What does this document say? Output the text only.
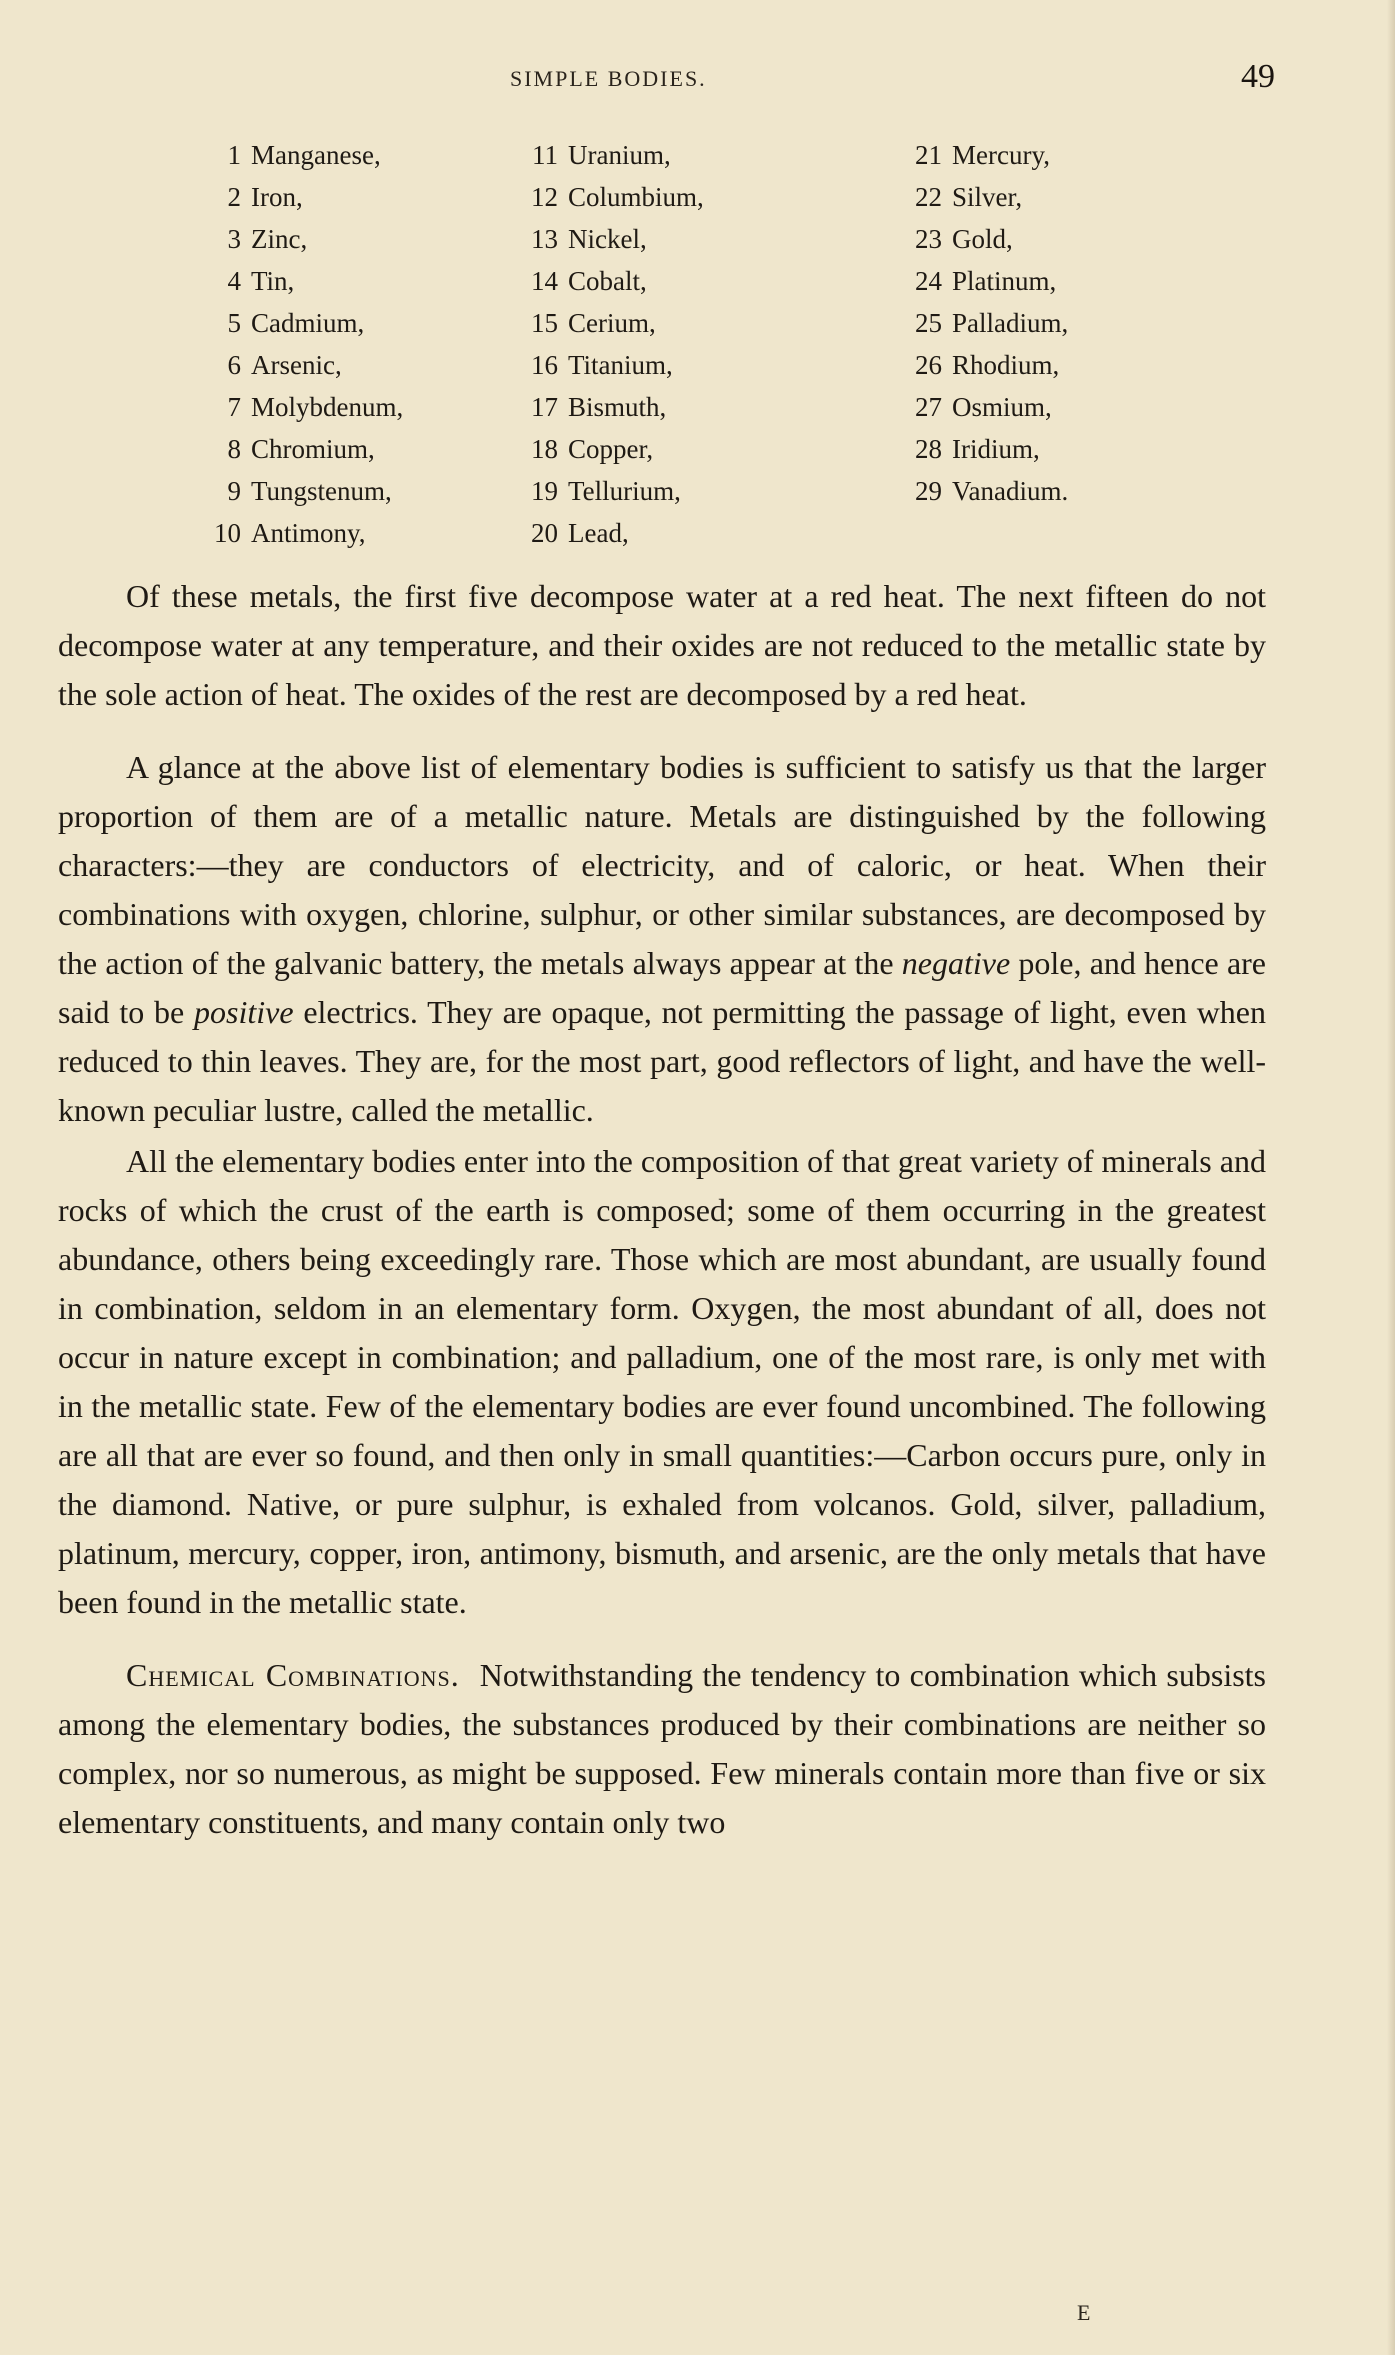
SIMPLE BODIES.	49
1 Manganese,
2 Iron,
3 Zinc,
4 Tin,
5 Cadmium,
6 Arsenic,
7 Molybdenum,
8 Chromium,
9 Tungstenum,
10 Antimony,
11 Uranium,
12 Columbium,
13 Nickel,
14 Cobalt,
15 Cerium,
16 Titanium,
17 Bismuth,
18 Copper,
19 Tellurium,
20 Lead,
21 Mercury,
22 Silver,
23 Gold,
24 Platinum,
25 Palladium,
26 Rhodium,
27 Osmium,
28 Iridium,
29 Vanadium.

Of these metals, the first five decompose water at a red heat. The next fifteen do not decompose water at any temperature, and their oxides are not reduced to the metallic state by the sole action of heat. The oxides of the rest are decomposed by a red heat.

A glance at the above list of elementary bodies is sufficient to satisfy us that the larger proportion of them are of a metallic nature. Metals are distinguished by the following characters:—they are conductors of electricity, and of caloric, or heat. When their combinations with oxygen, chlorine, sulphur, or other similar substances, are decomposed by the action of the galvanic battery, the metals always appear at the negative pole, and hence are said to be positive electrics. They are opaque, not permitting the passage of light, even when reduced to thin leaves. They are, for the most part, good reflectors of light, and have the well-known peculiar lustre, called the metallic.

All the elementary bodies enter into the composition of that great variety of minerals and rocks of which the crust of the earth is composed; some of them occurring in the greatest abundance, others being exceedingly rare. Those which are most abundant, are usually found in combination, seldom in an elementary form. Oxygen, the most abundant of all, does not occur in nature except in combination; and palladium, one of the most rare, is only met with in the metallic state. Few of the elementary bodies are ever found uncombined. The following are all that are ever so found, and then only in small quantities:—Carbon occurs pure, only in the diamond. Native, or pure sulphur, is exhaled from volcanos. Gold, silver, palladium, platinum, mercury, copper, iron, antimony, bismuth, and arsenic, are the only metals that have been found in the metallic state.

Chemical Combinations. Notwithstanding the tendency to combination which subsists among the elementary bodies, the substances produced by their combinations are neither so complex, nor so numerous, as might be supposed. Few minerals contain more than five or six elementary constituents, and many contain only two

E
